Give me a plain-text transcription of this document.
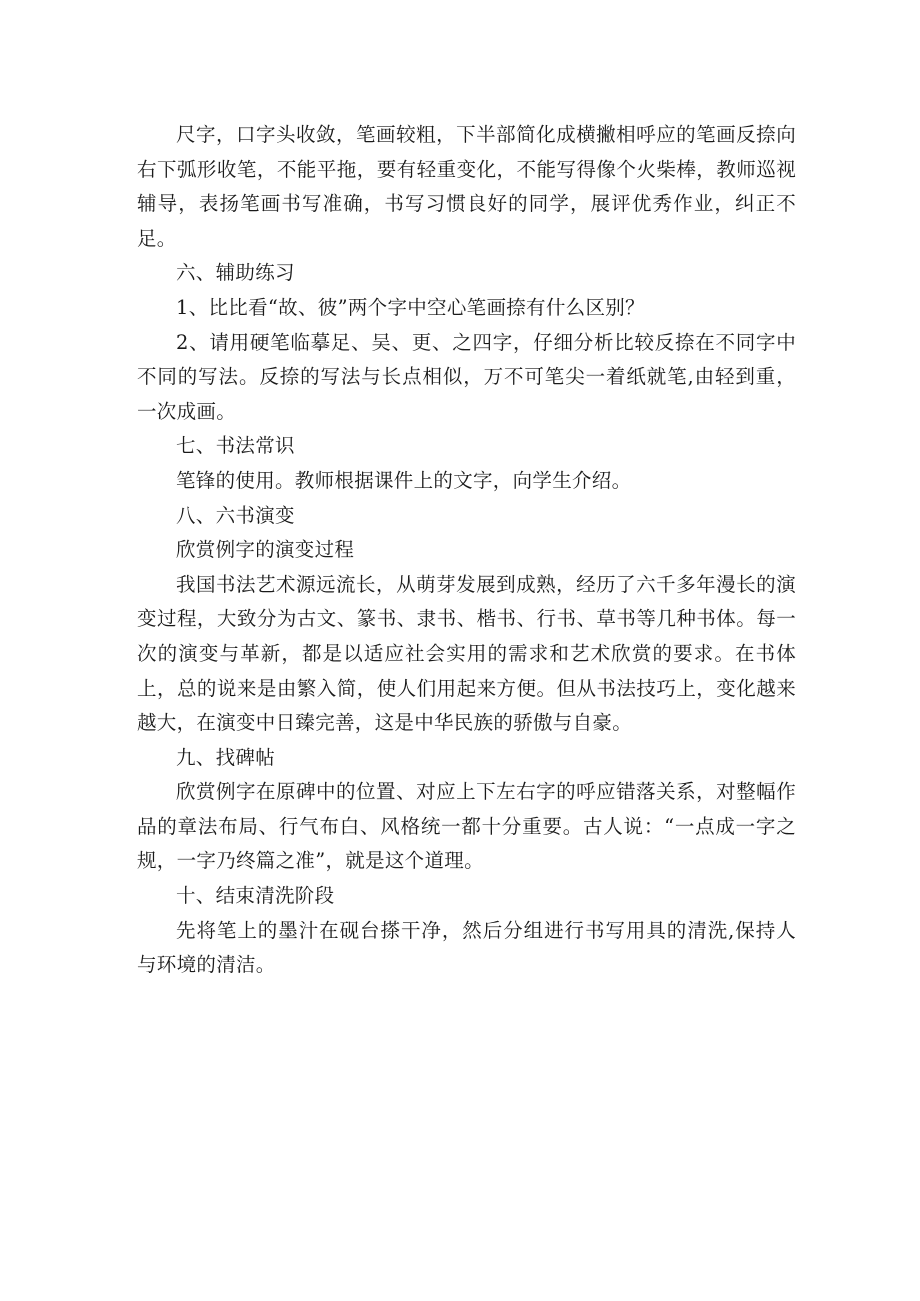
尺字，口字头收敛，笔画较粗，下半部简化成横撇相呼应的笔画反捺向右下弧形收笔，不能平拖，要有轻重变化，不能写得像个火柴棒，教师巡视辅导，表扬笔画书写准确，书写习惯良好的同学，展评优秀作业，纠正不足。

六、辅助练习

1、比比看“故、彼”两个字中空心笔画捺有什么区别？

2、请用硬笔临摹足、吴、更、之四字，仔细分析比较反捺在不同字中不同的写法。反捺的写法与长点相似，万不可笔尖一着纸就笔,由轻到重，一次成画。

七、书法常识

笔锋的使用。教师根据课件上的文字，向学生介绍。

八、六书演变

欣赏例字的演变过程

我国书法艺术源远流长，从萌芽发展到成熟，经历了六千多年漫长的演变过程，大致分为古文、篆书、隶书、楷书、行书、草书等几种书体。每一次的演变与革新，都是以适应社会实用的需求和艺术欣赏的要求。在书体上，总的说来是由繁入简，使人们用起来方便。但从书法技巧上，变化越来越大，在演变中日臻完善，这是中华民族的骄傲与自豪。

九、找碑帖

欣赏例字在原碑中的位置、对应上下左右字的呼应错落关系，对整幅作品的章法布局、行气布白、风格统一都十分重要。古人说：“一点成一字之规，一字乃终篇之准”，就是这个道理。

十、结束清洗阶段

先将笔上的墨汁在砚台搽干净，然后分组进行书写用具的清洗,保持人与环境的清洁。
